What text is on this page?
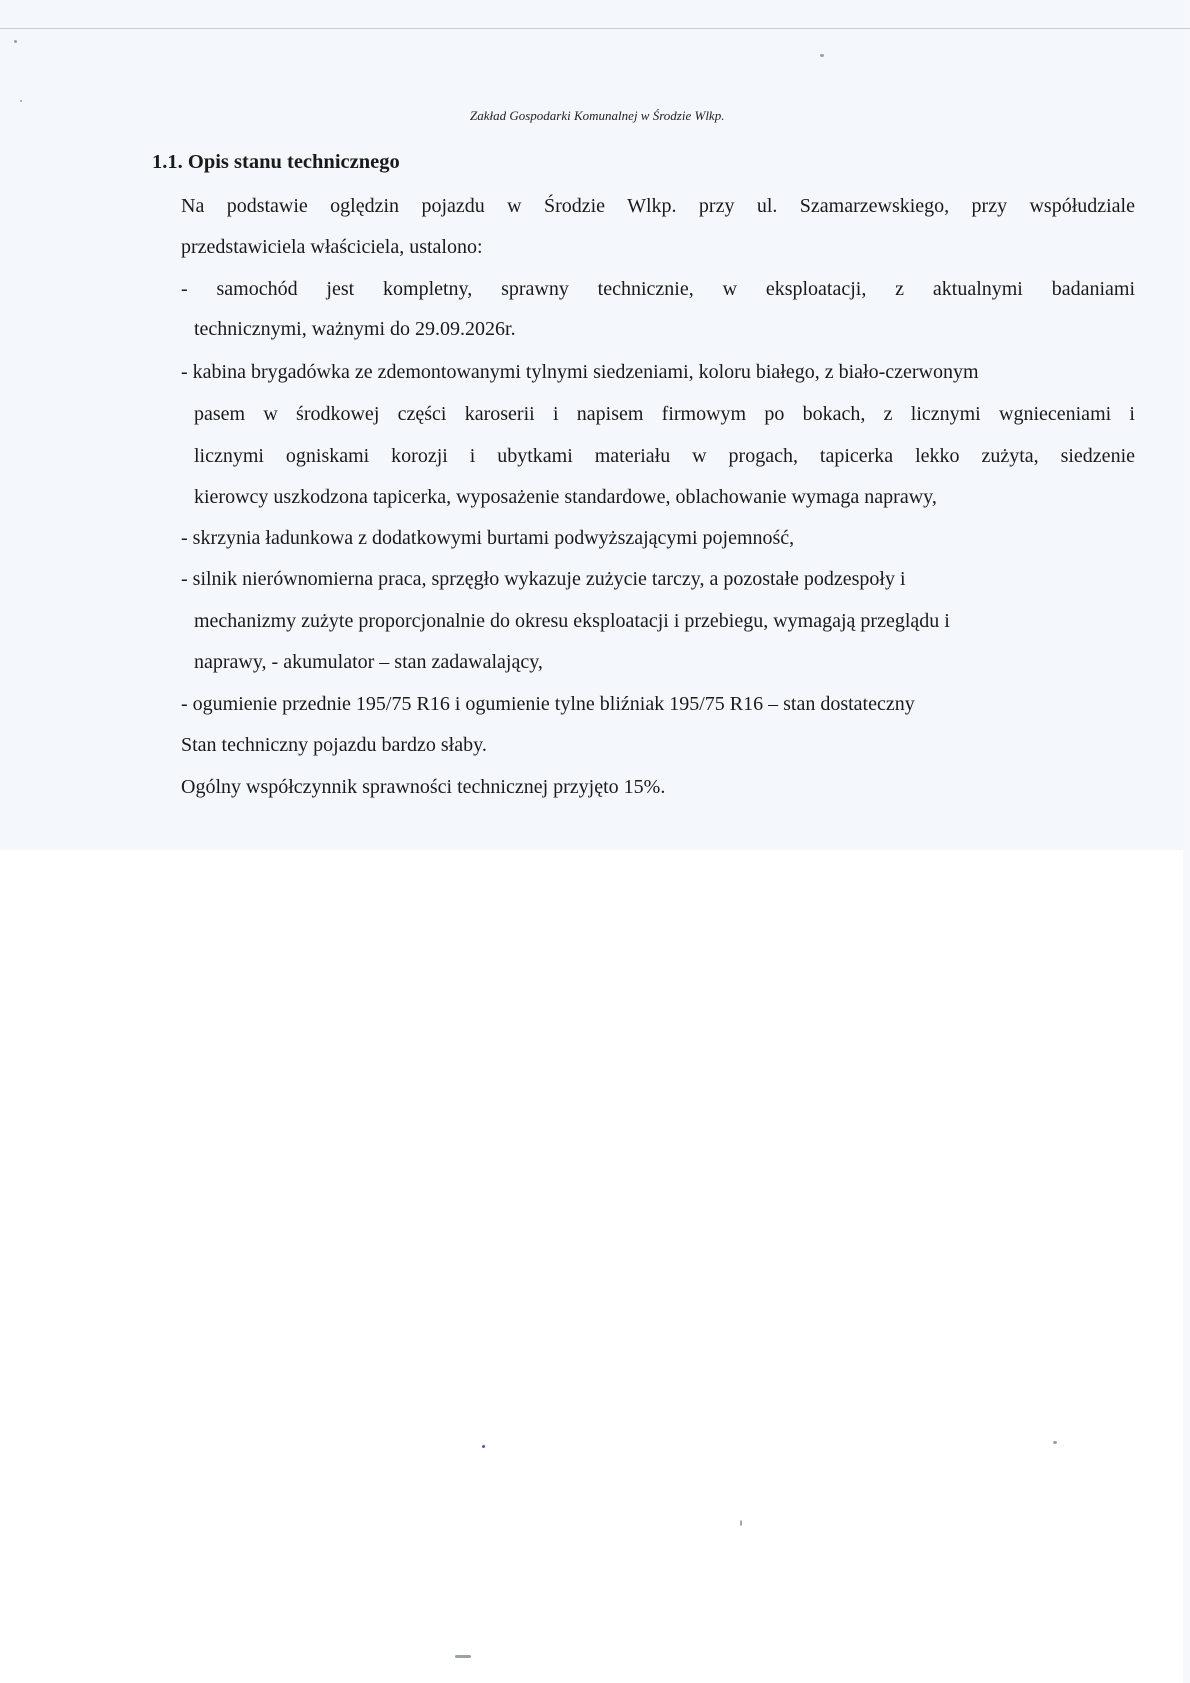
Zakład Gospodarki Komunalnej w Środzie Wlkp.
1.1. Opis stanu technicznego
Na podstawie oględzin pojazdu w Środzie Wlkp. przy ul. Szamarzewskiego, przy współudziale
przedstawiciela właściciela, ustalono:
- samochód jest kompletny, sprawny technicznie, w eksploatacji, z aktualnymi badaniami
technicznymi, ważnymi do 29.09.2026r.
- kabina brygadówka ze zdemontowanymi tylnymi siedzeniami, koloru białego, z biało-czerwonym
pasem w środkowej części karoserii i napisem firmowym po bokach, z licznymi wgnieceniami i
licznymi ogniskami korozji i ubytkami materiału w progach, tapicerka lekko zużyta, siedzenie
kierowcy uszkodzona tapicerka, wyposażenie standardowe, oblachowanie wymaga naprawy,
- skrzynia ładunkowa z dodatkowymi burtami podwyższającymi pojemność,
- silnik nierównomierna praca, sprzęgło wykazuje zużycie tarczy, a pozostałe podzespoły i
mechanizmy zużyte proporcjonalnie do okresu eksploatacji i przebiegu, wymagają przeglądu i
naprawy, - akumulator – stan zadawalający,
- ogumienie przednie 195/75 R16 i ogumienie tylne bliźniak 195/75 R16 – stan dostateczny
Stan techniczny pojazdu bardzo słaby.
Ogólny współczynnik sprawności technicznej przyjęto 15%.
